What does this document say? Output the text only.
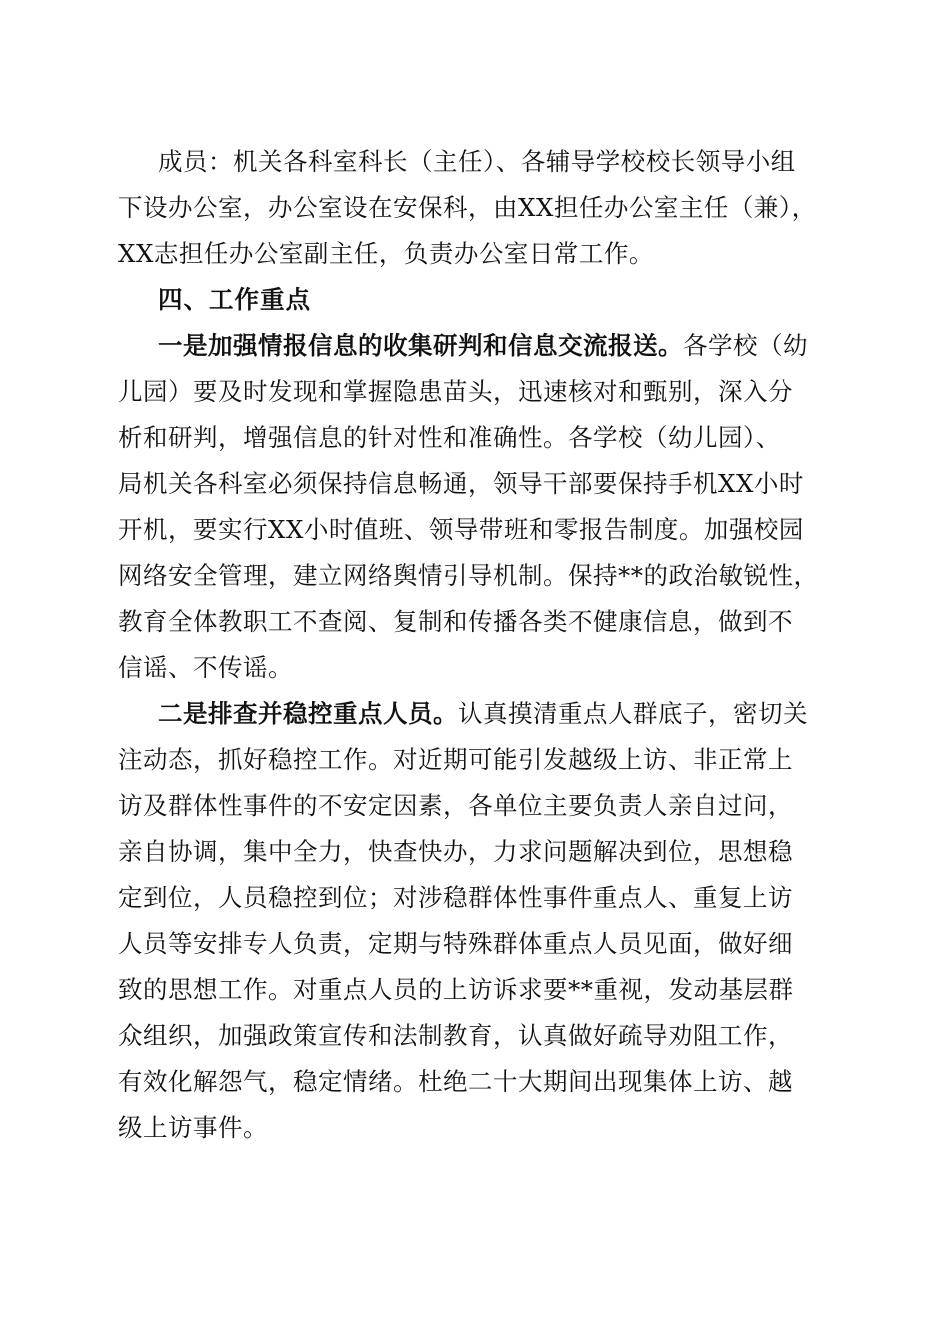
成员：机关各科室科长（主任）、各辅导学校校长领导小组
下设办公室，办公室设在安保科，由XX担任办公室主任（兼），
XX志担任办公室副主任，负责办公室日常工作。
四、工作重点
一是加强情报信息的收集研判和信息交流报送。各学校（幼
儿园）要及时发现和掌握隐患苗头，迅速核对和甄别，深入分
析和研判，增强信息的针对性和准确性。各学校（幼儿园）、
局机关各科室必须保持信息畅通，领导干部要保持手机XX小时
开机，要实行XX小时值班、领导带班和零报告制度。加强校园
网络安全管理，建立网络舆情引导机制。保持**的政治敏锐性，
教育全体教职工不查阅、复制和传播各类不健康信息，做到不
信谣、不传谣。
二是排查并稳控重点人员。认真摸清重点人群底子，密切关
注动态，抓好稳控工作。对近期可能引发越级上访、非正常上
访及群体性事件的不安定因素，各单位主要负责人亲自过问，
亲自协调，集中全力，快查快办，力求问题解决到位，思想稳
定到位，人员稳控到位；对涉稳群体性事件重点人、重复上访
人员等安排专人负责，定期与特殊群体重点人员见面，做好细
致的思想工作。对重点人员的上访诉求要**重视，发动基层群
众组织，加强政策宣传和法制教育，认真做好疏导劝阻工作，
有效化解怨气，稳定情绪。杜绝二十大期间出现集体上访、越
级上访事件。
